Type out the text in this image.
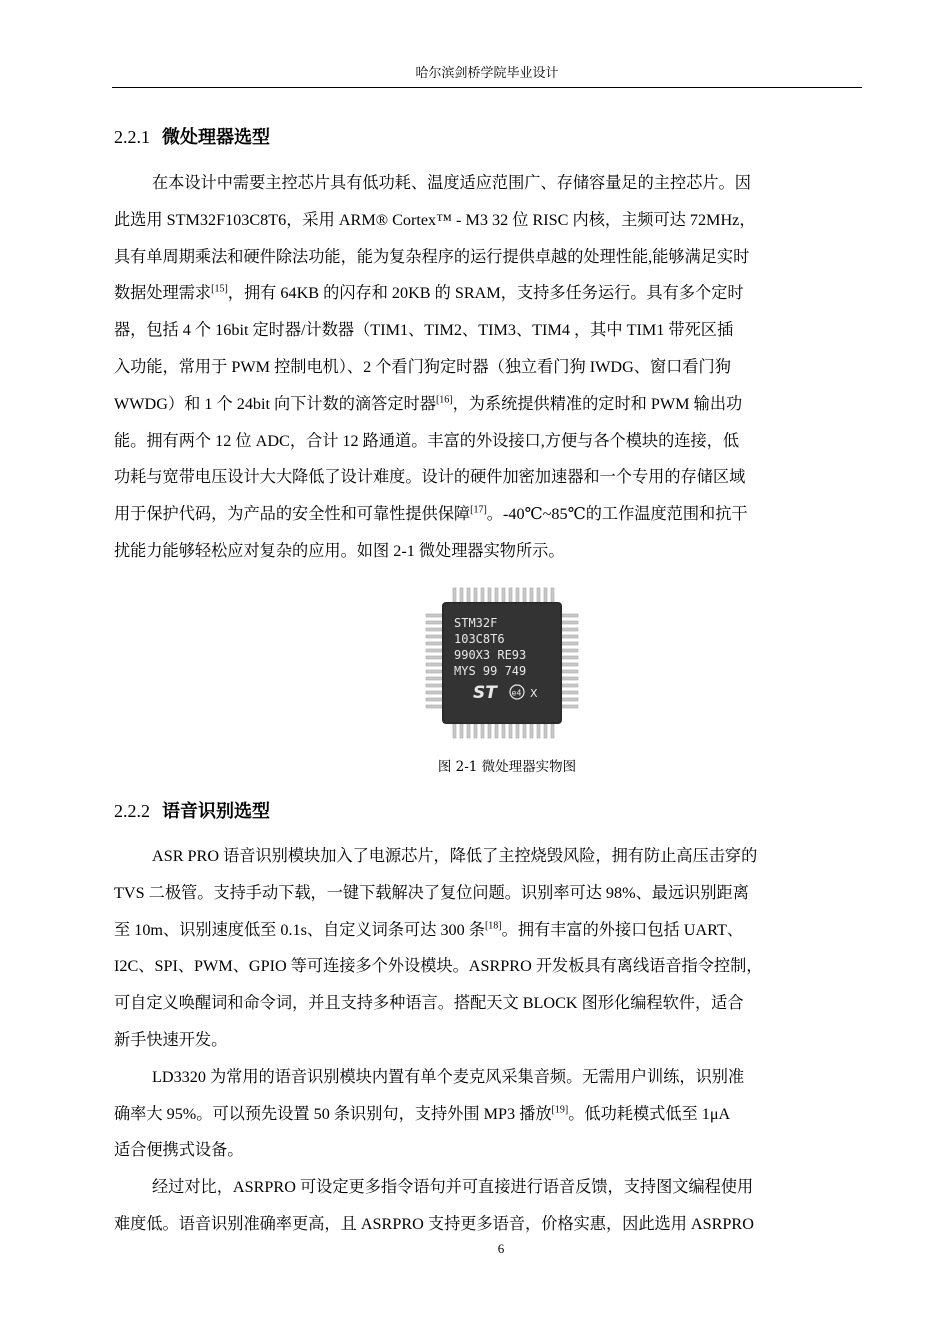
哈尔滨剑桥学院毕业设计
2.2.1 微处理器选型
在本设计中需要主控芯片具有低功耗、温度适应范围广、存储容量足的主控芯片。因
此选用 STM32F103C8T6，采用 ARM® Cortex™ - M3 32 位 RISC 内核，主频可达 72MHz，
具有单周期乘法和硬件除法功能，能为复杂程序的运行提供卓越的处理性能,能够满足实时
数据处理需求[15]，拥有 64KB 的闪存和 20KB 的 SRAM，支持多任务运行。具有多个定时
器，包括 4 个 16bit 定时器/计数器（TIM1、TIM2、TIM3、TIM4 ，其中 TIM1 带死区插
入功能，常用于 PWM 控制电机）、2 个看门狗定时器（独立看门狗 IWDG、窗口看门狗
WWDG）和 1 个 24bit 向下计数的滴答定时器[16]，为系统提供精准的定时和 PWM 输出功
能。拥有两个 12 位 ADC，合计 12 路通道。丰富的外设接口,方便与各个模块的连接，低
功耗与宽带电压设计大大降低了设计难度。设计的硬件加密加速器和一个专用的存储区域
用于保护代码，为产品的安全性和可靠性提供保障[17]。-40℃~85℃的工作温度范围和抗干
扰能力能够轻松应对复杂的应用。如图 2-1 微处理器实物所示。
STM32F
103C8T6
990X3 RE93
MYS 99 749
ST e4 X
图 2-1 微处理器实物图
2.2.2 语音识别选型
ASR PRO 语音识别模块加入了电源芯片，降低了主控烧毁风险，拥有防止高压击穿的
TVS 二极管。支持手动下载，一键下载解决了复位问题。识别率可达 98%、最远识别距离
至 10m、识别速度低至 0.1s、自定义词条可达 300 条[18]。拥有丰富的外接口包括 UART、
I2C、SPI、PWM、GPIO 等可连接多个外设模块。ASRPRO 开发板具有离线语音指令控制，
可自定义唤醒词和命令词，并且支持多种语言。搭配天文 BLOCK 图形化编程软件，适合
新手快速开发。
LD3320 为常用的语音识别模块内置有单个麦克风采集音频。无需用户训练，识别准
确率大 95%。可以预先设置 50 条识别句，支持外围 MP3 播放[19]。低功耗模式低至 1μA
适合便携式设备。
经过对比，ASRPRO 可设定更多指令语句并可直接进行语音反馈，支持图文编程使用
难度低。语音识别准确率更高，且 ASRPRO 支持更多语音，价格实惠，因此选用 ASRPRO
6
